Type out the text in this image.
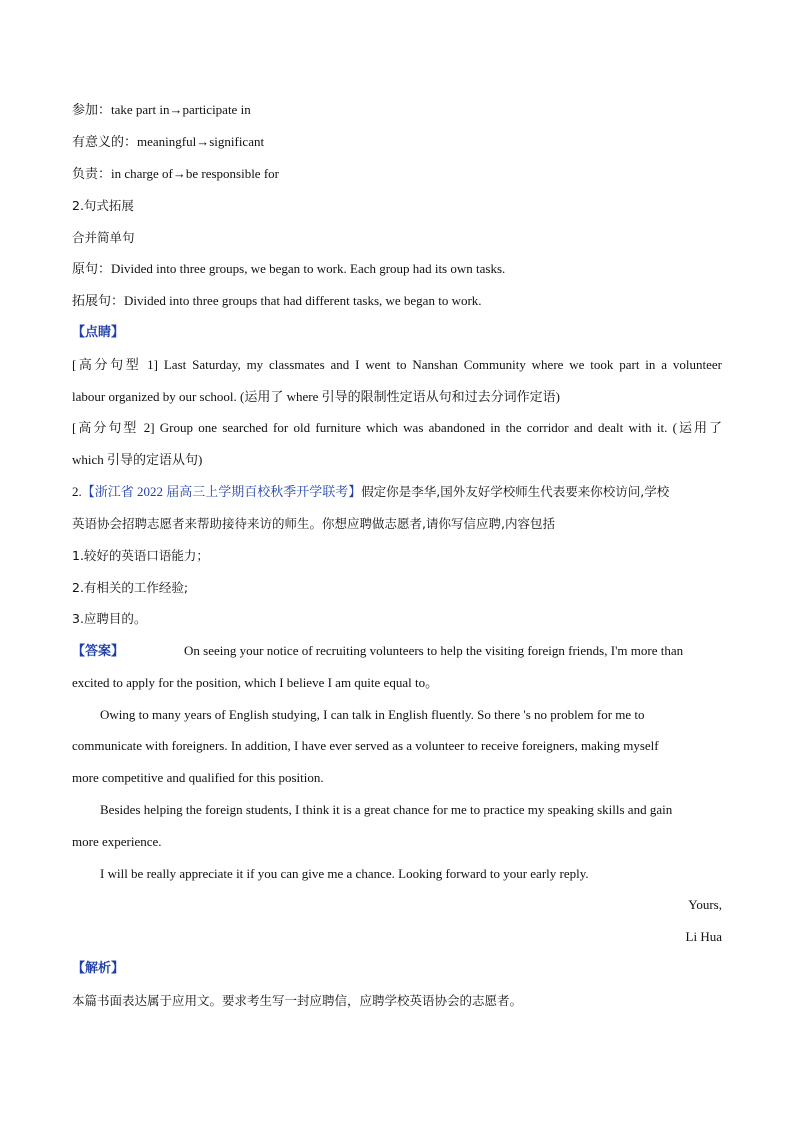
参加：take part in→participate in
有意义的：meaningful→significant
负责：in charge of→be responsible for
2.句式拓展
合并简单句
原句：Divided into three groups, we began to work. Each group had its own tasks.
拓展句：Divided into three groups that had different tasks, we began to work.
【点睛】
[高分句型 1] Last Saturday, my classmates and I went to Nanshan Community where we took part in a volunteer
labour organized by our school. (运用了 where 引导的限制性定语从句和过去分词作定语)
[高分句型 2] Group one searched for old furniture which was abandoned in the corridor and dealt with it. (运用了
which 引导的定语从句)
2.【浙江省 2022 届高三上学期百校秋季开学联考】假定你是李华,国外友好学校师生代表要来你校访问,学校
英语协会招聘志愿者来帮助接待来访的师生。你想应聘做志愿者,请你写信应聘,内容包括
1.较好的英语口语能力；
2.有相关的工作经验;
3.应聘目的。
【答案】	On seeing your notice of recruiting volunteers to help the visiting foreign friends, I'm more than
excited to apply for the position, which I believe I am quite equal to。
Owing to many years of English studying, I can talk in English fluently. So there 's no problem for me to
communicate with foreigners. In addition, I have ever served as a volunteer to receive foreigners, making myself
more competitive and qualified for this position.
Besides helping the foreign students, I think it is a great chance for me to practice my speaking skills and gain
more experience.
I will be really appreciate it if you can give me a chance. Looking forward to your early reply.
Yours,
Li Hua
【解析】
本篇书面表达属于应用文。要求考生写一封应聘信，应聘学校英语协会的志愿者。
